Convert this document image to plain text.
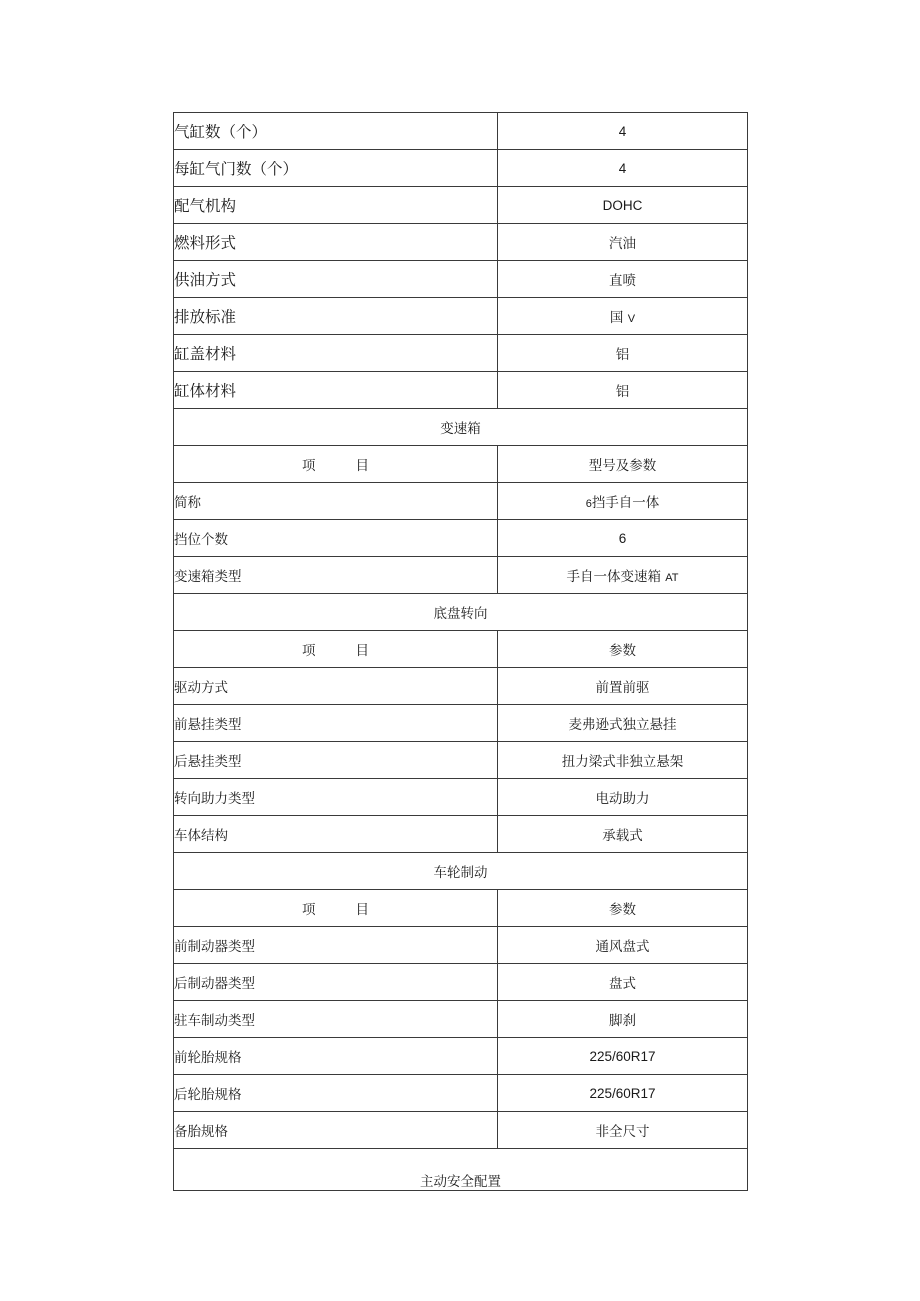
气缸数（个）	4
每缸气门数（个）	4
配气机构	DOHC
燃料形式	汽油
供油方式	直喷
排放标准	国 V
缸盖材料	铝
缸体材料	铝
变速箱	
项 目	型号及参数
简称	6挡手自一体
挡位个数	6
变速箱类型	手自一体变速箱 AT
底盘转向	
项 目	参数
驱动方式	前置前驱
前悬挂类型	麦弗逊式独立悬挂
后悬挂类型	扭力梁式非独立悬架
转向助力类型	电动助力
车体结构	承载式
车轮制动	
项 目	参数
前制动器类型	通风盘式
后制动器类型	盘式
驻车制动类型	脚刹
前轮胎规格	225/60R17
后轮胎规格	225/60R17
备胎规格	非全尺寸
主动安全配置	
